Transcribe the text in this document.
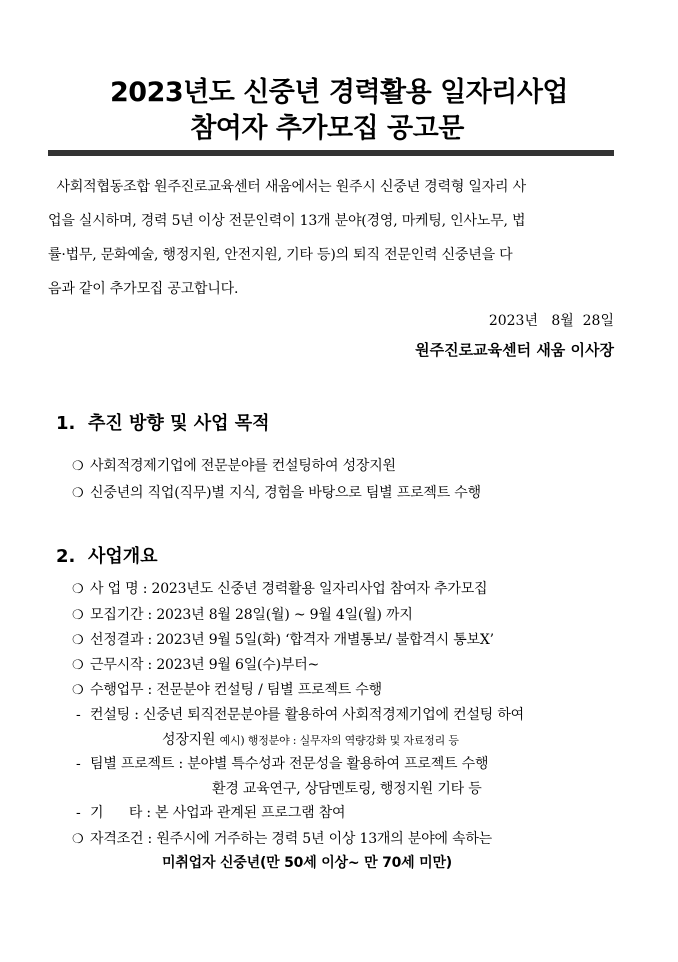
2023년도 신중년 경력활용 일자리사업
참여자 추가모집 공고문
사회적협동조합 원주진로교육센터 새움에서는 원주시 신중년 경력형 일자리 사
업을 실시하며, 경력 5년 이상 전문인력이 13개 분야(경영, 마케팅, 인사노무, 법
률·법무, 문화예술, 행정지원, 안전지원, 기타 등)의 퇴직 전문인력 신중년을 다
음과 같이 추가모집 공고합니다.
2023년   8월  28일
원주진로교육센터 새움 이사장
1. 추진 방향 및 사업 목적
❍ 사회적경제기업에 전문분야를 컨설팅하여 성장지원
❍ 신중년의 직업(직무)별 지식, 경험을 바탕으로 팀별 프로젝트 수행
2. 사업개요
❍ 사 업 명 : 2023년도 신중년 경력활용 일자리사업 참여자 추가모집
❍ 모집기간 : 2023년 8월 28일(월) ~ 9월 4일(월) 까지
❍ 선정결과 : 2023년 9월 5일(화) ‘합격자 개별통보/ 불합격시 통보X’
❍ 근무시작 : 2023년 9월 6일(수)부터~
❍ 수행업무 : 전문분야 컨설팅 / 팀별 프로젝트 수행
- 컨설팅 : 신중년 퇴직전문분야를 활용하여 사회적경제기업에 컨설팅 하여
성장지원 예시) 행정분야 : 실무자의 역량강화 및 자료정리 등
- 팀별 프로젝트 : 분야별 특수성과 전문성을 활용하여 프로젝트 수행
환경 교육연구, 상담멘토링, 행정지원 기타 등
- 기      타 : 본 사업과 관계된 프로그램 참여
❍ 자격조건 : 원주시에 거주하는 경력 5년 이상 13개의 분야에 속하는
미취업자 신중년(만 50세 이상~ 만 70세 미만)
